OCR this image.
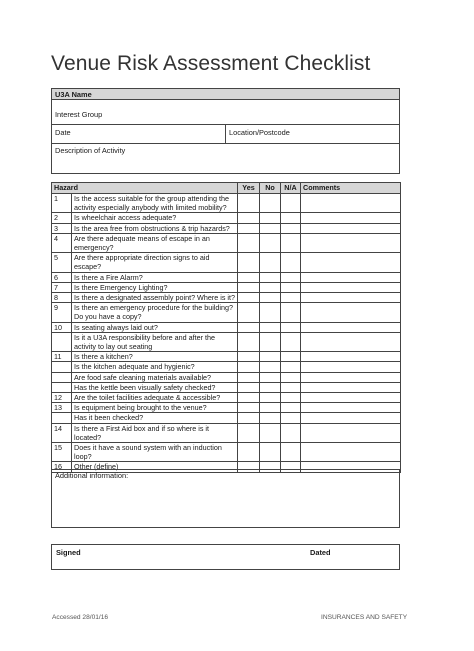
Venue Risk Assessment Checklist
U3A Name
Interest Group
Date	Location/Postcode
Description of Activity
Hazard		Yes	No	N/A	Comments
1	Is the access suitable for the group attending the
activity especially anybody with limited mobility?				

2	Is wheelchair access adequate?				

3	Is the area free from obstructions & trip hazards?				

4	Are there adequate means of escape in an
emergency?				

5	Are there appropriate direction signs to aid
escape?				

6	Is there a Fire Alarm?				

7	Is there Emergency Lighting?				

8	Is there a designated assembly point? Where is it?				

9	Is there an emergency procedure for the building?
Do you have a copy?				

10	Is seating always laid out?				

	Is it a U3A responsibility before and after the
activity to lay out seating				

11	Is there a kitchen?				

	Is the kitchen adequate and hygienic?				

	Are food safe cleaning materials available?				

	Has the kettle been visually safety checked?				

12	Are the toilet facilities adequate & accessible?				

13	Is equipment being brought to the venue?				

	Has it been checked?				

14	Is there a First Aid box and if so where is it
located?				

15	Does it have a sound system with an induction
loop?				

16	Other (define)				

Additional information:
Signed	Dated
Accessed 28/01/16	INSURANCES AND SAFETY
